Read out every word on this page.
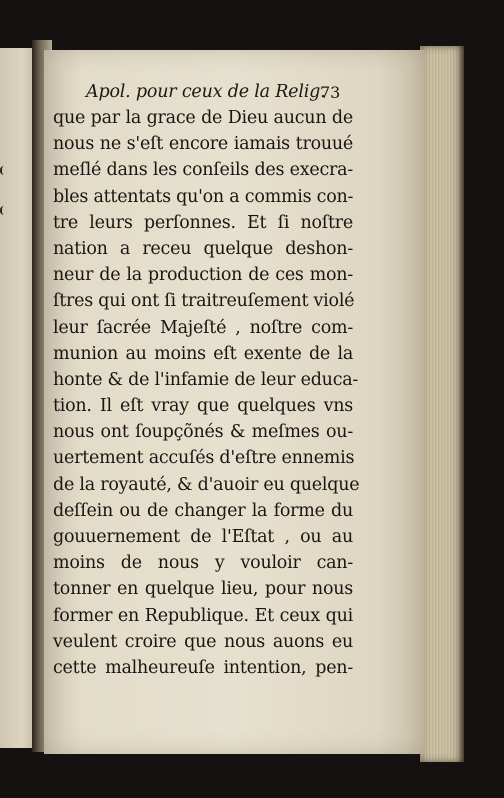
Apol. pour ceux de la Relig.
73
que par la grace de Dieu aucun de
nous ne s'eſt encore iamais trouué
meſlé dans les conſeils des execra-
bles attentats qu'on a commis con-
tre leurs perſonnes. Et ſi noſtre
nation a receu quelque deshon-
neur de la production de ces mon-
ſtres qui ont ſi traitreuſement violé
leur ſacrée Majeſté , noſtre com-
munion au moins eſt exente de la
honte & de l'infamie de leur educa-
tion. Il eſt vray que quelques vns
nous ont ſoupçõnés & meſmes ou-
uertement accuſés d'eſtre ennemis
de la royauté, & d'auoir eu quelque
deſſein ou de changer la forme du
gouuernement de l'Eſtat , ou au
moins de nous y vouloir can-
tonner en quelque lieu, pour nous
former en Republique. Et ceux qui
veulent croire que nous auons eu
cette malheureuſe intention, pen-
